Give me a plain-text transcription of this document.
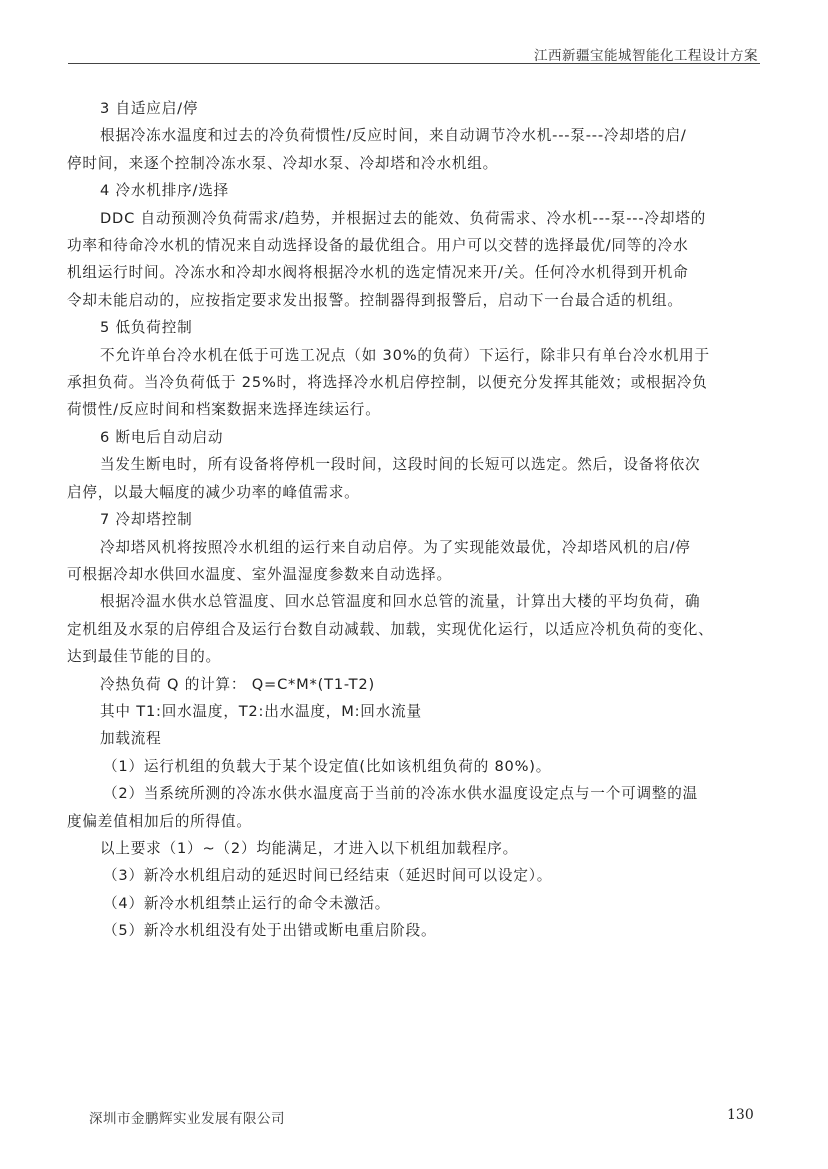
江西新疆宝能城智能化工程设计方案

3 自适应启/停

根据冷冻水温度和过去的冷负荷惯性/反应时间，来自动调节冷水机---泵---冷却塔的启/

停时间，来逐个控制冷冻水泵、冷却水泵、冷却塔和冷水机组。

4 冷水机排序/选择

DDC 自动预测冷负荷需求/趋势，并根据过去的能效、负荷需求、冷水机---泵---冷却塔的

功率和待命冷水机的情况来自动选择设备的最优组合。用户可以交替的选择最优/同等的冷水

机组运行时间。冷冻水和冷却水阀将根据冷水机的选定情况来开/关。任何冷水机得到开机命

令却未能启动的，应按指定要求发出报警。控制器得到报警后，启动下一台最合适的机组。

5 低负荷控制

不允许单台冷水机在低于可选工况点（如 30%的负荷）下运行，除非只有单台冷水机用于

承担负荷。当冷负荷低于 25%时，将选择冷水机启停控制，以便充分发挥其能效；或根据冷负

荷惯性/反应时间和档案数据来选择连续运行。

6 断电后自动启动

当发生断电时，所有设备将停机一段时间，这段时间的长短可以选定。然后，设备将依次

启停，以最大幅度的减少功率的峰值需求。

7 冷却塔控制

冷却塔风机将按照冷水机组的运行来自动启停。为了实现能效最优，冷却塔风机的启/停

可根据冷却水供回水温度、室外温湿度参数来自动选择。

根据冷温水供水总管温度、回水总管温度和回水总管的流量，计算出大楼的平均负荷，确

定机组及水泵的启停组合及运行台数自动减载、加载，实现优化运行，以适应冷机负荷的变化、

达到最佳节能的目的。

冷热负荷 Q 的计算： Q=C*M*(T1-T2)

其中 T1:回水温度，T2:出水温度，M:回水流量

加载流程

（1）运行机组的负载大于某个设定值(比如该机组负荷的 80%)。

（2）当系统所测的冷冻水供水温度高于当前的冷冻水供水温度设定点与一个可调整的温

度偏差值相加后的所得值。

以上要求（1）~（2）均能满足，才进入以下机组加载程序。

（3）新冷水机组启动的延迟时间已经结束（延迟时间可以设定）。

（4）新冷水机组禁止运行的命令未激活。

（5）新冷水机组没有处于出错或断电重启阶段。

深圳市金鹏辉实业发展有限公司	130
